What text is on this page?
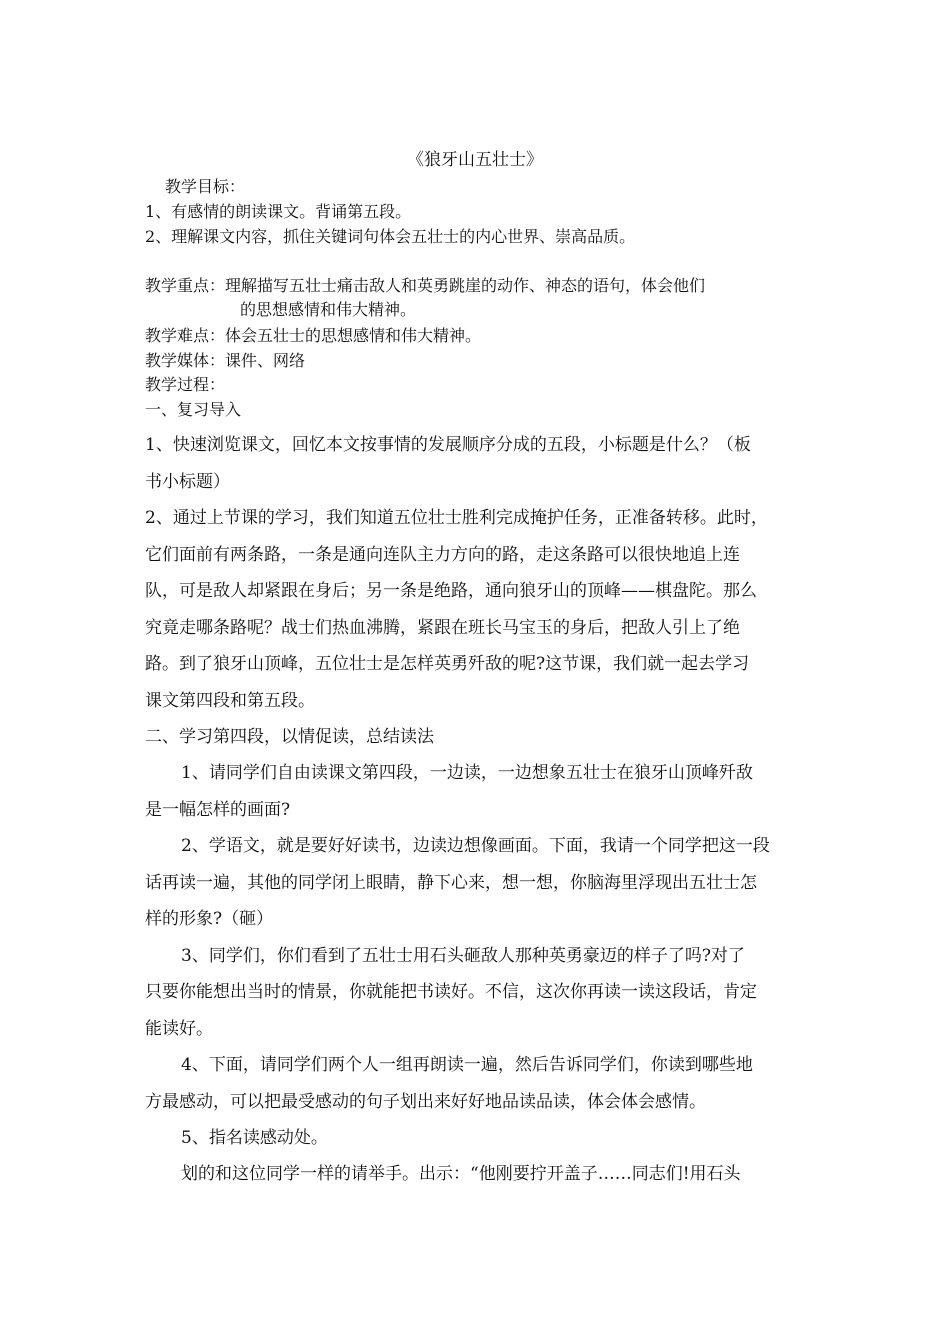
《狼牙山五壮士》
教学目标：
1、有感情的朗读课文。背诵第五段。
2、理解课文内容，抓住关键词句体会五壮士的内心世界、崇高品质。
教学重点：理解描写五壮士痛击敌人和英勇跳崖的动作、神态的语句，体会他们
的思想感情和伟大精神。
教学难点：体会五壮士的思想感情和伟大精神。
教学媒体：课件、网络
教学过程：
一、复习导入
1、快速浏览课文，回忆本文按事情的发展顺序分成的五段，小标题是什么？（板
书小标题）
2、通过上节课的学习，我们知道五位壮士胜利完成掩护任务，正准备转移。此时，
它们面前有两条路，一条是通向连队主力方向的路，走这条路可以很快地追上连
队，可是敌人却紧跟在身后；另一条是绝路，通向狼牙山的顶峰——棋盘陀。那么
究竟走哪条路呢？战士们热血沸腾，紧跟在班长马宝玉的身后，把敌人引上了绝
路。到了狼牙山顶峰，五位壮士是怎样英勇歼敌的呢?这节课，我们就一起去学习
课文第四段和第五段。
二、学习第四段，以情促读，总结读法
1、请同学们自由读课文第四段，一边读，一边想象五壮士在狼牙山顶峰歼敌
是一幅怎样的画面?
2、学语文，就是要好好读书，边读边想像画面。下面，我请一个同学把这一段
话再读一遍，其他的同学闭上眼睛，静下心来，想一想，你脑海里浮现出五壮士怎
样的形象?（砸）
3、同学们，你们看到了五壮士用石头砸敌人那种英勇豪迈的样子了吗?对了
只要你能想出当时的情景，你就能把书读好。不信，这次你再读一读这段话，肯定
能读好。
4、下面，请同学们两个人一组再朗读一遍，然后告诉同学们，你读到哪些地
方最感动，可以把最受感动的句子划出来好好地品读品读，体会体会感情。
5、指名读感动处。
划的和这位同学一样的请举手。出示：“他刚要拧开盖子……同志们!用石头
